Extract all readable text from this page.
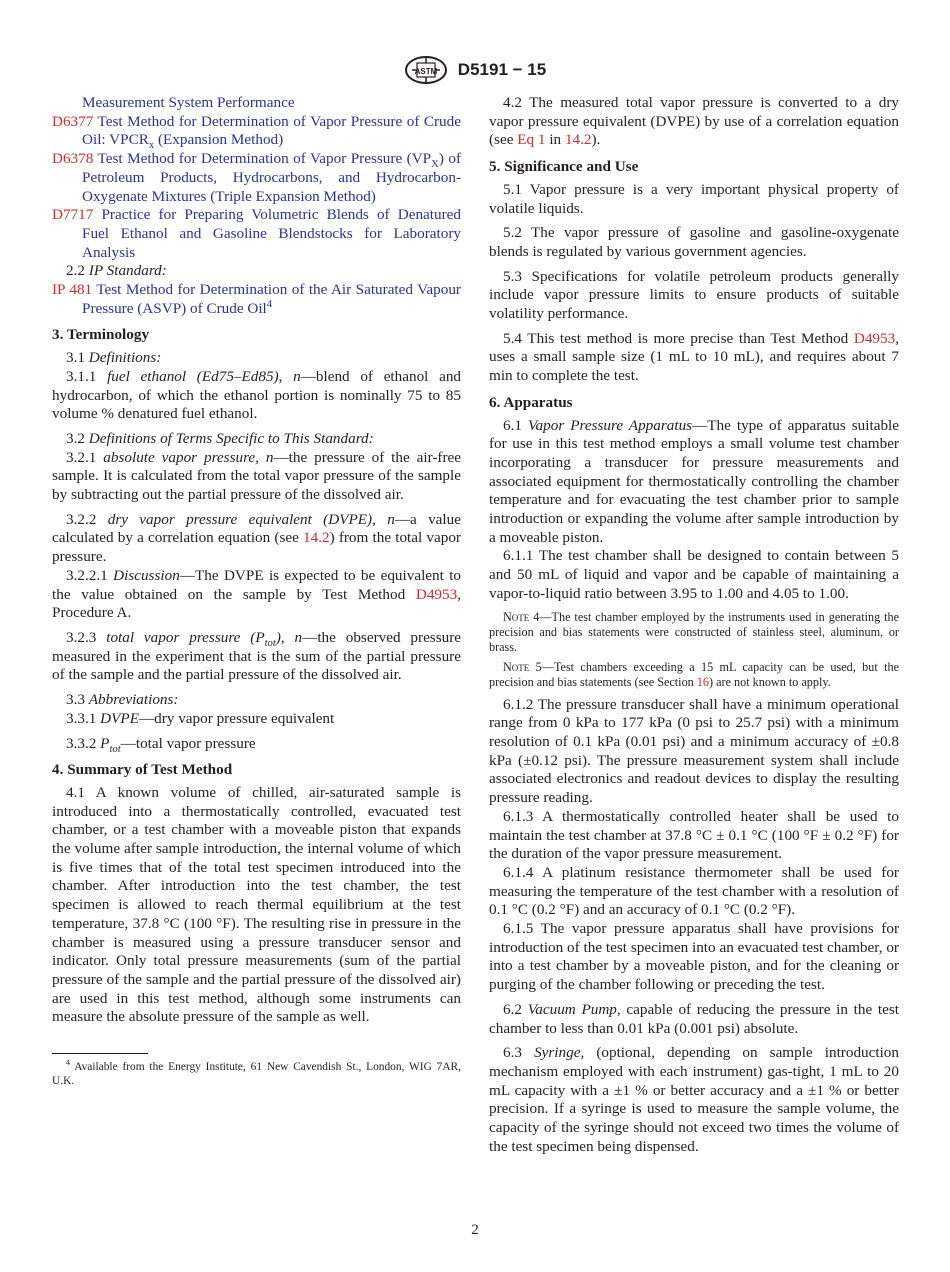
ASTM D5191 − 15

Measurement System Performance

D6377 Test Method for Determination of Vapor Pressure of Crude Oil: $VPCR_x$ (Expansion Method)

D6378 Test Method for Determination of Vapor Pressure $(VP_X)$ of Petroleum Products, Hydrocarbons, and Hydrocarbon-Oxygenate Mixtures (Triple Expansion Method)

D7717 Practice for Preparing Volumetric Blends of Denatured Fuel Ethanol and Gasoline Blendstocks for Laboratory Analysis

2.2 IP Standard:

IP 481 Test Method for Determination of the Air Saturated Vapour Pressure (ASVP) of Crude Oil$^4$

3. Terminology

3.1 Definitions:

3.1.1 fuel ethanol (Ed75–Ed85), n—blend of ethanol and hydrocarbon, of which the ethanol portion is nominally 75 to 85 volume % denatured fuel ethanol.

3.2 Definitions of Terms Specific to This Standard:

3.2.1 absolute vapor pressure, n—the pressure of the air-free sample. It is calculated from the total vapor pressure of the sample by subtracting out the partial pressure of the dissolved air.

3.2.2 dry vapor pressure equivalent (DVPE), n—a value calculated by a correlation equation (see 14.2) from the total vapor pressure.

3.2.2.1 Discussion—The DVPE is expected to be equivalent to the value obtained on the sample by Test Method D4953, Procedure A.

3.2.3 total vapor pressure $(P_{tot})$, n—the observed pressure measured in the experiment that is the sum of the partial pressure of the sample and the partial pressure of the dissolved air.

3.3 Abbreviations:

3.3.1 DVPE—dry vapor pressure equivalent

3.3.2 $P_{tot}—total$ vapor pressure

4. Summary of Test Method

4.1 A known volume of chilled, air-saturated sample is introduced into a thermostatically controlled, evacuated test chamber, or a test chamber with a moveable piston that expands the volume after sample introduction, the internal volume of which is five times that of the total test specimen introduced into the chamber. After introduction into the test chamber, the test specimen is allowed to reach thermal equilibrium at the test temperature, 37.8 °C (100 °F). The resulting rise in pressure in the chamber is measured using a pressure transducer sensor and indicator. Only total pressure measurements (sum of the partial pressure of the sample and the partial pressure of the dissolved air) are used in this test method, although some instruments can measure the absolute pressure of the sample as well.

$^4$ Available from the Energy Institute, 61 New Cavendish St., London, WIG 7AR, U.K.

4.2 The measured total vapor pressure is converted to a dry vapor pressure equivalent (DVPE) by use of a correlation equation (see Eq 1 in 14.2).

5. Significance and Use

5.1 Vapor pressure is a very important physical property of volatile liquids.

5.2 The vapor pressure of gasoline and gasoline-oxygenate blends is regulated by various government agencies.

5.3 Specifications for volatile petroleum products generally include vapor pressure limits to ensure products of suitable volatility performance.

5.4 This test method is more precise than Test Method D4953, uses a small sample size (1 mL to 10 mL), and requires about 7 min to complete the test.

6. Apparatus

6.1 Vapor Pressure Apparatus—The type of apparatus suitable for use in this test method employs a small volume test chamber incorporating a transducer for pressure measurements and associated equipment for thermostatically controlling the chamber temperature and for evacuating the test chamber prior to sample introduction or expanding the volume after sample introduction by a moveable piston.

6.1.1 The test chamber shall be designed to contain between 5 and 50 mL of liquid and vapor and be capable of maintaining a vapor-to-liquid ratio between 3.95 to 1.00 and 4.05 to 1.00.

Note 4—The test chamber employed by the instruments used in generating the precision and bias statements were constructed of stainless steel, aluminum, or brass.

Note 5—Test chambers exceeding a 15 mL capacity can be used, but the precision and bias statements (see Section 16) are not known to apply.

6.1.2 The pressure transducer shall have a minimum operational range from 0 kPa to 177 kPa (0 psi to 25.7 psi) with a minimum resolution of 0.1 kPa (0.01 psi) and a minimum accuracy of ±0.8 kPa (±0.12 psi). The pressure measurement system shall include associated electronics and readout devices to display the resulting pressure reading.

6.1.3 A thermostatically controlled heater shall be used to maintain the test chamber at 37.8 °C ± 0.1 °C (100 °F ± 0.2 °F) for the duration of the vapor pressure measurement.

6.1.4 A platinum resistance thermometer shall be used for measuring the temperature of the test chamber with a resolution of 0.1 °C (0.2 °F) and an accuracy of 0.1 °C (0.2 °F).

6.1.5 The vapor pressure apparatus shall have provisions for introduction of the test specimen into an evacuated test chamber, or into a test chamber by a moveable piston, and for the cleaning or purging of the chamber following or preceding the test.

6.2 Vacuum Pump, capable of reducing the pressure in the test chamber to less than 0.01 kPa (0.001 psi) absolute.

6.3 Syringe, (optional, depending on sample introduction mechanism employed with each instrument) gas-tight, 1 mL to 20 mL capacity with a ±1 % or better accuracy and a ±1 % or better precision. If a syringe is used to measure the sample volume, the capacity of the syringe should not exceed two times the volume of the test specimen being dispensed.

2
